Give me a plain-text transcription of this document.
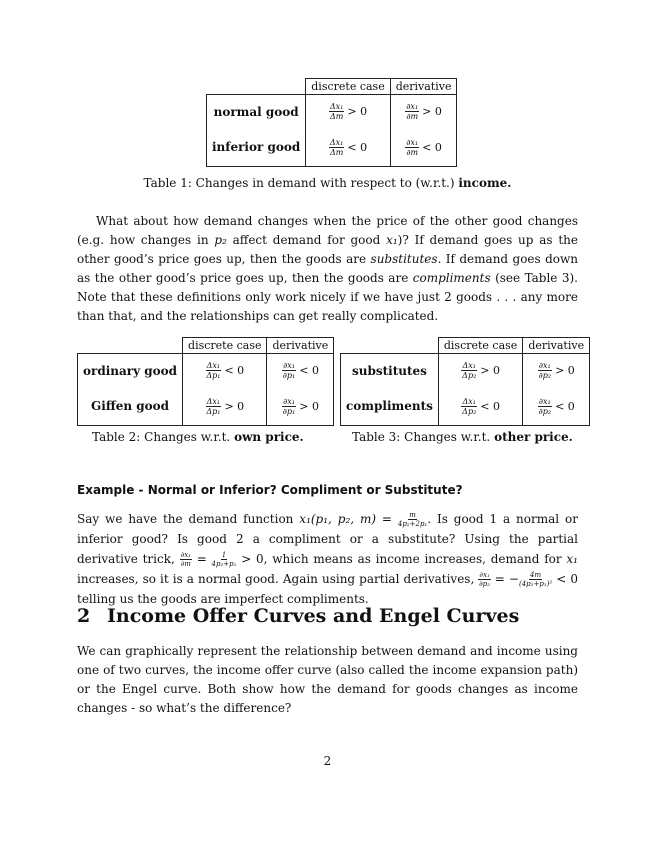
	discrete case	derivative
normal good	$\frac{\text{Δx₁}}{\Delta m} > 0$	$\frac{\text{∂x₁}}{\partial m} > 0$
inferior good	$\frac{\text{Δx₁}}{\Delta m} < 0$	$\frac{\text{∂x₁}}{\partial m} < 0$
Table 1: Changes in demand with respect to (w.r.t.) income.
What about how demand changes when the price of the other good changes (e.g. how changes in p₂ affect demand for good x₁)? If demand goes up as the other good’s price goes up, then the goods are substitutes. If demand goes down as the other good’s price goes up, then the goods are compliments (see Table 3). Note that these definitions only work nicely if we have just 2 goods . . . any more than that, and the relationships can get really complicated.
	discrete case	derivative
ordinary good	$\frac{\text{Δx₁}}{\text{Δp₁}} < 0$	$\frac{\text{∂x₁}}{\text{∂p₁}} < 0$
Giffen good	$\frac{\text{Δx₁}}{\text{Δp₁}} > 0$	$\frac{\text{∂x₁}}{\text{∂p₁}} > 0$
	discrete case	derivative
substitutes	$\frac{\text{Δx₁}}{\text{Δp₂}} > 0$	$\frac{\text{∂x₁}}{\text{∂p₂}} > 0$
compliments	$\frac{\text{Δx₁}}{\text{Δp₂}} < 0$	$\frac{\text{∂x₁}}{\text{∂p₂}} < 0$
Table 2: Changes w.r.t. own price.	Table 3: Changes w.r.t. other price.
Example - Normal or Inferior? Compliment or Substitute?
Say we have the demand function x₁(p₁, p₂, $m) = \frac{m}{\text{4p₂+2p₁}}$ . Is good 1 a normal or inferior good? Is good 2 a compliment or a substitute? Using the partial derivative trick, $\frac{\text{∂x₁}}{\partial m} = \frac{1}{\text{4p₂+p₁}} > 0$, which means as income increases, demand for x₁ increases, so it is a normal good. Again using partial derivatives, $\frac{\text{∂x₁}}{\text{∂p₂}}$ = − $\frac{4m}{\text{(4p₂+p₁)²}} < 0$ telling us the goods are imperfect compliments.
2 Income Offer Curves and Engel Curves
We can graphically represent the relationship between demand and income using one of two curves, the income offer curve (also called the income expansion path) or the Engel curve. Both show how the demand for goods changes as income changes - so what’s the difference?
2
